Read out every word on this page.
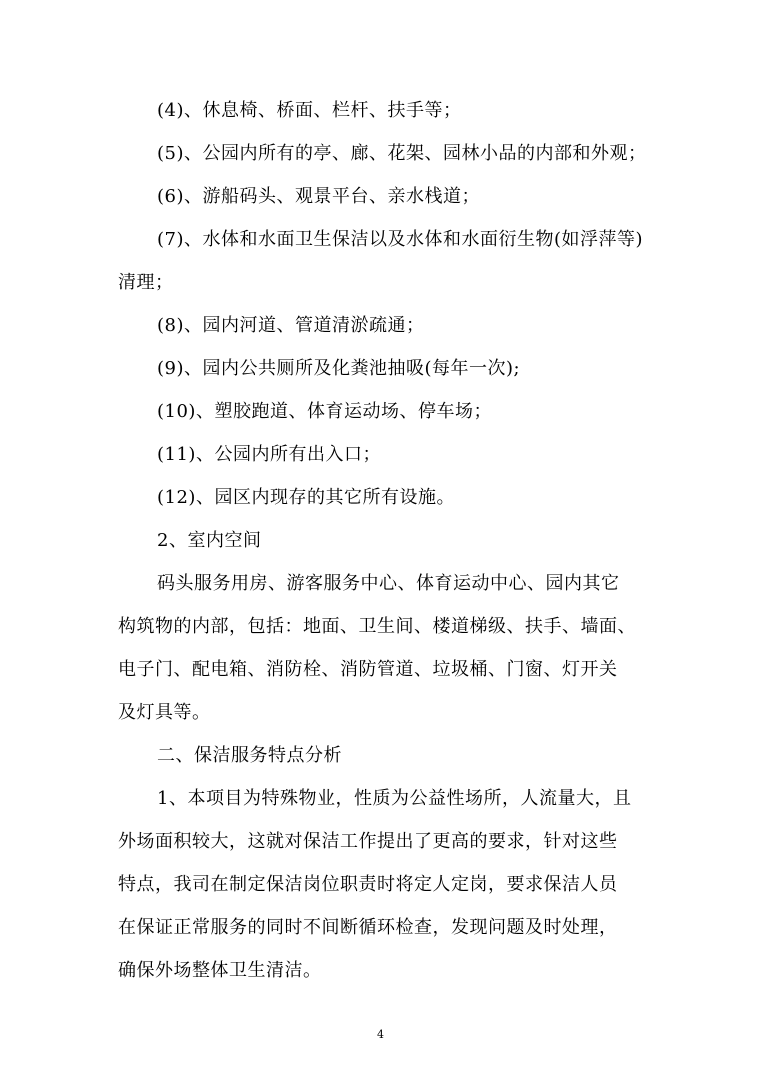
(4)、休息椅、桥面、栏杆、扶手等；
(5)、公园内所有的亭、廊、花架、园林小品的内部和外观；
(6)、游船码头、观景平台、亲水栈道；
(7)、水体和水面卫生保洁以及水体和水面衍生物(如浮萍等)
清理；
(8)、园内河道、管道清淤疏通；
(9)、园内公共厕所及化粪池抽吸(每年一次);
(10)、塑胶跑道、体育运动场、停车场；
(11)、公园内所有出入口；
(12)、园区内现存的其它所有设施。
2、室内空间
码头服务用房、游客服务中心、体育运动中心、园内其它
构筑物的内部，包括：地面、卫生间、楼道梯级、扶手、墙面、
电子门、配电箱、消防栓、消防管道、垃圾桶、门窗、灯开关
及灯具等。
二、保洁服务特点分析
1、本项目为特殊物业，性质为公益性场所，人流量大，且
外场面积较大，这就对保洁工作提出了更高的要求，针对这些
特点，我司在制定保洁岗位职责时将定人定岗，要求保洁人员
在保证正常服务的同时不间断循环检查，发现问题及时处理，
确保外场整体卫生清洁。
4
